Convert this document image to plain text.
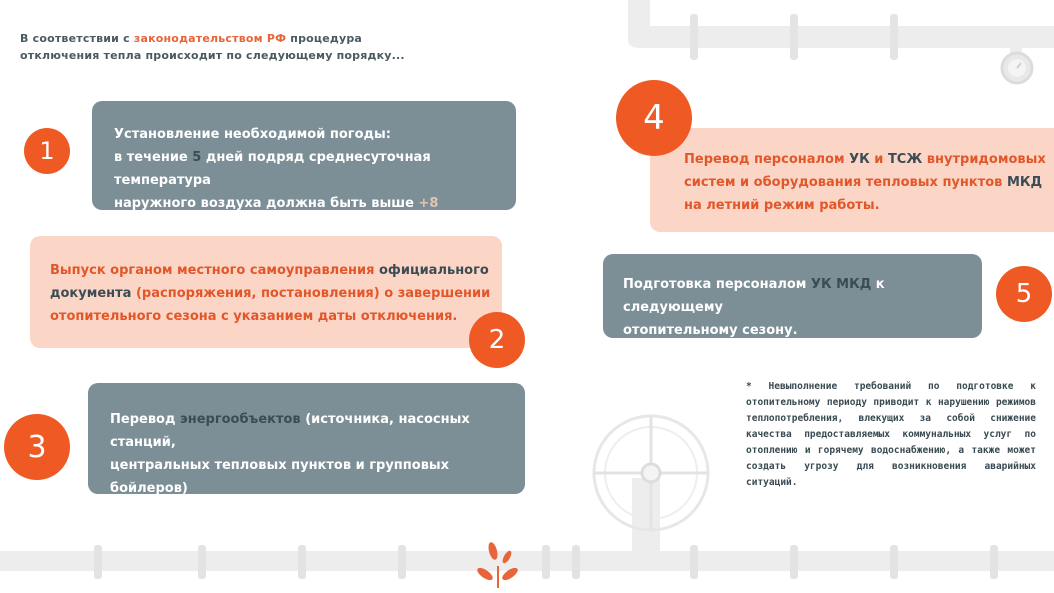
В соответствии с законодательством РФ процедура
отключения тепла происходит по следующему порядку...
1
Установление необходимой погоды:
в течение 5 дней подряд среднесуточная температура
наружного воздуха должна быть выше +8 градусов.
Выпуск органом местного самоуправления официального
документа (распоряжения, постановления) о завершении
отопительного сезона с указанием даты отключения.
2
3
Перевод энергообъектов (источника, насосных станций,
центральных тепловых пунктов и групповых бойлеров)
на летний режим работы.
Перевод персоналом УК и ТСЖ внутридомовых
систем и оборудования тепловых пунктов МКД
на летний режим работы.
4
Подготовка персоналом УК МКД к следующему
отопительному сезону.
5
* Невыполнение требований по подготовке к отопительному периоду приводит к нарушению режимов теплопотребления, влекущих за собой снижение качества предоставляемых коммунальных услуг по отоплению и горячему водоснабжению, а также может создать угрозу для возникновения аварийных ситуаций.
